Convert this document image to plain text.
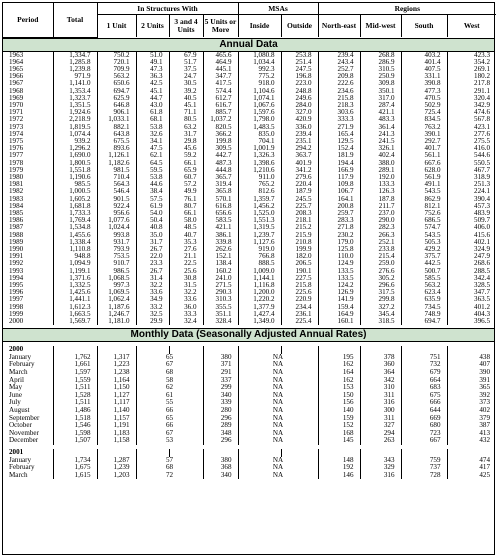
Period	Total	In Structures With				MSAs		Regions			
		1 Unit	2 Units	3 and 4 Units	5 Units or More	Inside	Outside	North-east	Mid-west	South	West
Annual Data
1963	1,334.7	750.2	51.0	67.9	465.6	1,080.8	253.8	239.4	268.8	403.2	423.3
1964	1,285.8	720.1	49.1	51.7	464.9	1,034.4	251.4	243.4	286.9	401.4	354.2
1965	1,239.8	709.9	47.3	37.5	445.1	992.3	247.5	252.7	310.5	407.5	269.1
1966	971.9	563.2	36.3	24.7	347.7	775.2	196.8	209.8	250.9	331.1	180.2
1967	1,141.0	650.6	42.5	30.5	417.5	918.0	223.0	222.6	309.8	390.8	217.8
1968	1,353.4	694.7	45.1	39.2	574.4	1,104.6	248.8	234.6	350.1	477.3	291.1
1969	1,323.7	625.9	44.7	40.5	612.7	1,074.1	249.6	215.8	317.0	470.5	320.4
1970	1,351.5	646.8	43.0	45.1	616.7	1,067.6	284.0	218.3	287.4	502.9	342.9
1971	1,924.6	906.1	61.8	71.1	885.7	1,597.6	327.0	303.6	421.1	725.4	474.6
1972	2,218.9	1,033.1	68.1	80.5	1,037.2	1,798.0	420.9	333.3	483.3	834.5	567.8
1973	1,819.5	882.1	53.8	63.2	820.5	1,483.5	336.0	271.9	361.4	763.2	423.1
1974	1,074.4	643.8	32.6	31.7	366.2	835.0	239.4	165.4	241.3	390.1	277.6
1975	939.2	675.5	34.1	29.8	199.8	704.1	235.1	129.5	241.5	292.7	275.5
1976	1,296.2	893.6	47.5	45.6	309.5	1,001.9	294.2	152.4	326.1	401.7	416.0
1977	1,690.0	1,126.1	62.1	59.2	442.7	1,326.3	363.7	181.9	402.4	561.1	544.6
1978	1,800.5	1,182.6	64.5	66.1	487.3	1,398.6	401.9	194.4	388.0	667.6	550.5
1979	1,551.8	981.5	59.5	65.9	444.8	1,210.6	341.2	166.9	289.1	628.0	467.7
1980	1,190.6	710.4	53.8	60.7	365.7	911.0	279.6	117.9	192.0	561.9	318.9
1981	985.5	564.3	44.6	57.2	319.4	765.2	220.4	109.8	133.3	491.1	251.3
1982	1,000.5	546.4	38.4	49.9	365.8	812.6	187.9	106.7	126.3	543.5	224.1
1983	1,605.2	901.5	57.5	76.1	570.1	1,359.7	245.5	164.1	187.8	862.9	390.4
1984	1,681.8	922.4	61.9	80.7	616.8	1,456.2	225.7	200.8	211.7	812.1	457.3
1985	1,733.3	956.6	54.0	66.1	656.6	1,525.0	208.3	259.7	237.0	752.6	483.9
1986	1,769.4	1,077.6	50.4	58.0	583.5	1,551.3	218.1	283.3	290.0	686.5	509.7
1987	1,534.8	1,024.4	40.8	48.5	421.1	1,319.5	215.2	271.8	282.3	574.7	406.0
1988	1,455.6	993.8	35.0	40.7	386.1	1,239.7	215.9	230.2	266.3	543.5	415.6
1989	1,338.4	931.7	31.7	35.3	339.8	1,127.6	210.8	179.0	252.1	505.3	402.1
1990	1,110.8	793.9	26.7	27.6	262.6	919.0	199.9	125.8	233.8	429.2	324.9
1991	948.8	753.5	22.0	21.1	152.1	766.8	182.0	110.0	215.4	375.7	247.9
1992	1,094.9	910.7	23.3	22.5	138.4	888.5	206.5	124.9	259.0	442.5	268.6
1993	1,199.1	986.5	26.7	25.6	160.2	1,009.0	190.1	133.5	276.6	500.7	288.5
1994	1,371.6	1,068.5	31.4	30.8	241.0	1,144.1	227.5	133.5	305.2	585.5	342.4
1995	1,332.5	997.3	32.2	31.5	271.5	1,116.8	215.8	124.2	296.6	563.2	328.5
1996	1,425.6	1,069.5	33.6	32.2	290.3	1,200.0	225.6	126.9	317.5	623.4	347.7
1997	1,441.1	1,062.4	34.9	33.6	310.3	1,220.2	220.9	141.9	299.8	635.9	363.5
1998	1,612.3	1,187.6	33.2	36.0	355.5	1,377.9	234.4	159.4	327.2	734.5	401.2
1999	1,663.5	1,246.7	32.5	33.3	351.1	1,427.4	236.1	164.9	345.4	748.9	404.3
2000	1,569.7	1,181.0	29.9	32.4	328.4	1,349.0	225.4	160.1	318.5	694.7	396.5
Monthly Data (Seasonally Adjusted Annual Rates)

2000											
January	1,762	1,317	65		380	NA		195	378	751	438
February	1,661	1,223	67		371	NA		162	360	732	407
March	1,597	1,238	68		291	NA		164	364	679	390
April	1,559	1,164	58		337	NA		162	342	664	391
May	1,511	1,150	62		299	NA		153	310	683	365
June	1,528	1,127	61		340	NA		150	311	675	392
July	1,511	1,117	55		339	NA		156	316	666	373
August	1,486	1,140	66		280	NA		140	300	644	402
September	1,518	1,157	65		296	NA		159	311	669	379
October	1,546	1,191	66		289	NA		152	327	680	387
November	1,598	1,183	67		348	NA		168	294	723	413
December	1,507	1,158	53		296	NA		145	263	667	432

2001											
January	1,734	1,287	57		380	NA		148	343	759	474
February	1,675	1,239	68		368	NA		192	329	737	417
March	1,615	1,203	72		340	NA		146	316	728	425
